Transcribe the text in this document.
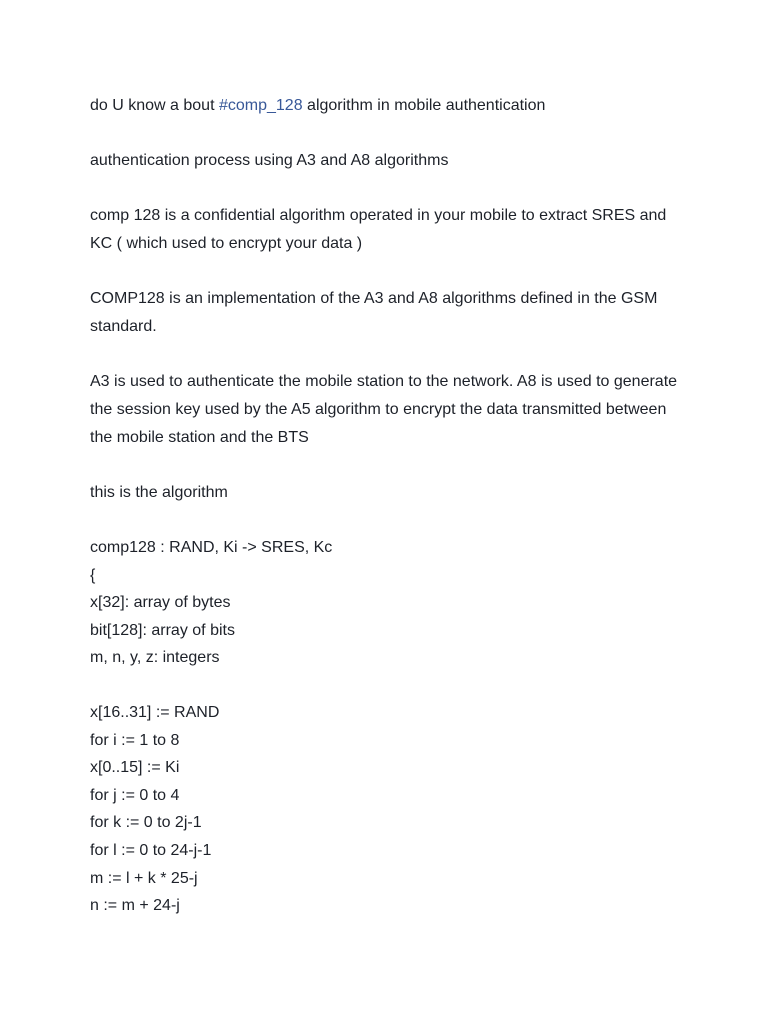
do U know a bout #comp_128 algorithm in mobile authentication

authentication process using A3 and A8 algorithms

comp 128 is a confidential algorithm operated in your mobile to extract SRES and KC ( which used to encrypt your data )

COMP128 is an implementation of the A3 and A8 algorithms defined in the GSM standard.

A3 is used to authenticate the mobile station to the network. A8 is used to generate the session key used by the A5 algorithm to encrypt the data transmitted between the mobile station and the BTS

this is the algorithm

comp128 : RAND, Ki -> SRES, Kc

{

x[32]: array of bytes

bit[128]: array of bits

m, n, y, z: integers

x[16..31] := RAND

for i := 1 to 8

x[0..15] := Ki

for j := 0 to 4

for k := 0 to 2j-1

for l := 0 to 24-j-1

m := l + k * 25-j

n := m + 24-j
